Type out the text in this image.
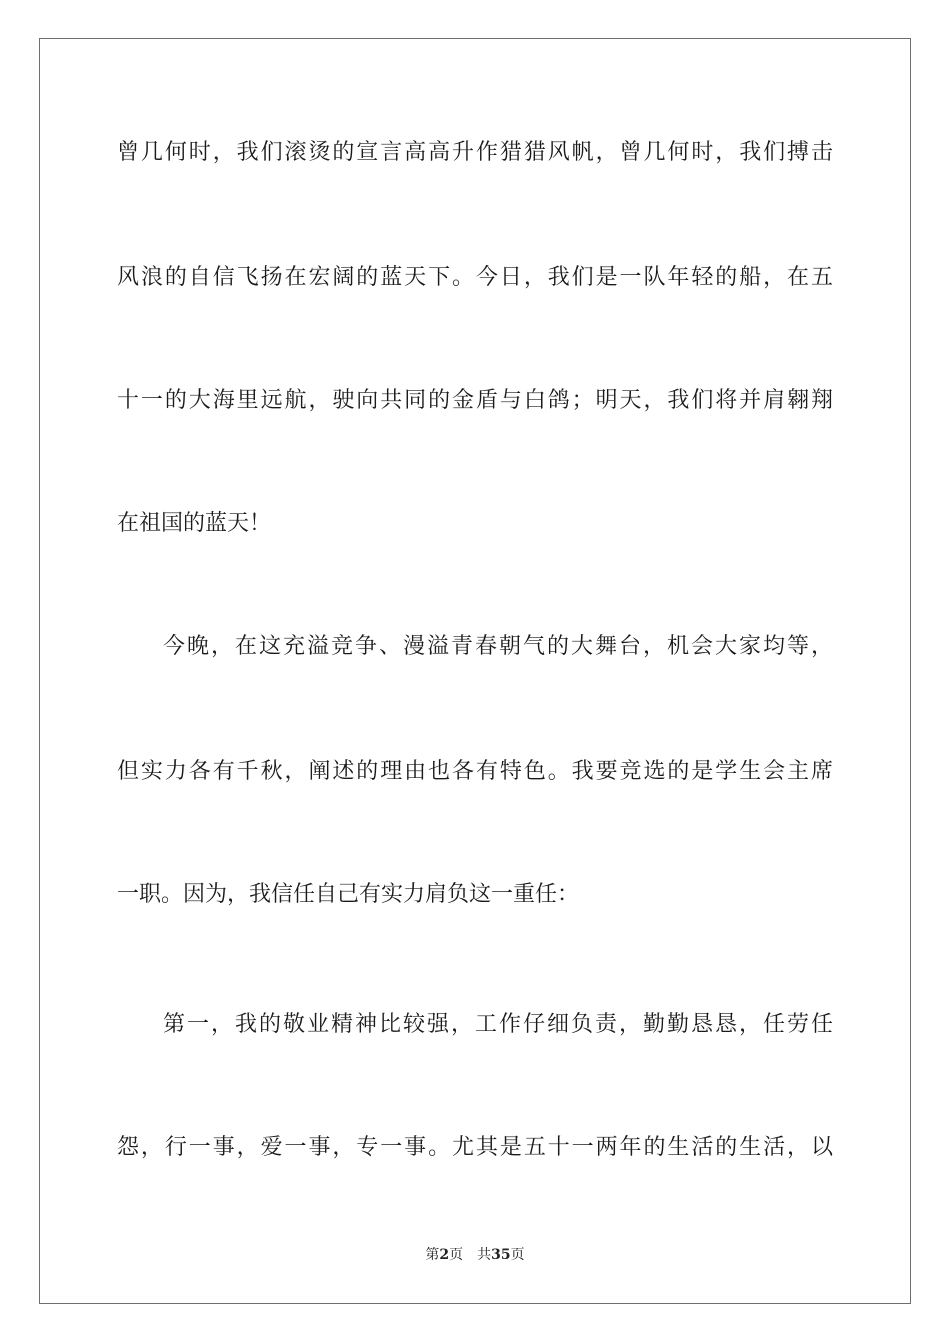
曾几何时，我们滚烫的宣言高高升作猎猎风帆，曾几何时，我们搏击
风浪的自信飞扬在宏阔的蓝天下。今日，我们是一队年轻的船，在五
十一的大海里远航，驶向共同的金盾与白鸽；明天，我们将并肩翱翔
在祖国的蓝天！
今晚，在这充溢竞争、漫溢青春朝气的大舞台，机会大家均等，
但实力各有千秋，阐述的理由也各有特色。我要竞选的是学生会主席
一职。因为，我信任自己有实力肩负这一重任：
第一，我的敬业精神比较强，工作仔细负责，勤勤恳恳，任劳任
怨，行一事，爱一事，专一事。尤其是五十一两年的生活的生活，以
第2页 共35页
